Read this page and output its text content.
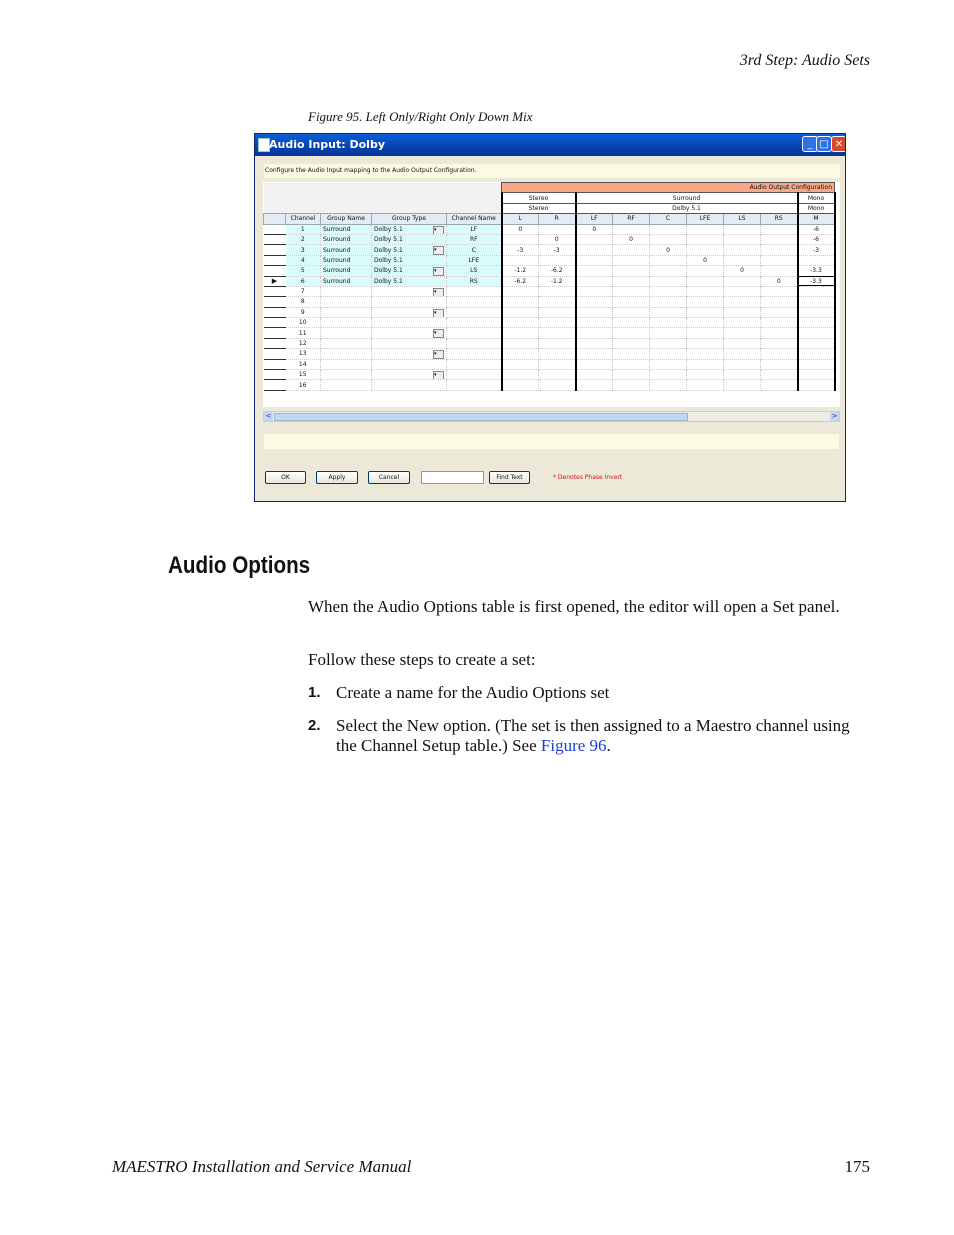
3rd Step: Audio Sets
Figure 95. Left Only/Right Only Down Mix
Audio Input: Dolby	_ □ ✕
Configure the Audio Input mapping to the Audio Output Configuration.
					Audio Output Configuration								
					Stereo		Surround						Mono
					Stereo		Dolby 5.1						Mono
	Channel	Group Name	Group Type	Channel Name	L	R	LF	RF	C	LFE	LS	RS	M
	1	Surround	Dolby 5.1 ▾	LF	0		0						-6
	2	Surround	Dolby 5.1	RF		0		0					-6
	3	Surround	Dolby 5.1 ▾	C	-3	-3			0				-3
	4	Surround	Dolby 5.1	LFE						0			
	5	Surround	Dolby 5.1 ▾	LS	-1.2	-6.2					0		-3.3
▶	6	Surround	Dolby 5.1	RS	-6.2	-1.2						0	-3.3
	7		▾										

	8												
	9		▾										

	10												
	11		▾										

	12												
	13		▾										

	14												
	15		▾										

	16												
<	>
OK	Apply	Cancel	Find Text	* Denotes Phase Invert
Audio Options

When the Audio Options table is first opened, the editor will open a Set panel.

Follow these steps to create a set:

1. Create a name for the Audio Options set
2. Select the New option. (The set is then assigned to a Maestro channel using the Channel Setup table.) See Figure 96.
MAESTRO Installation and Service Manual	175
